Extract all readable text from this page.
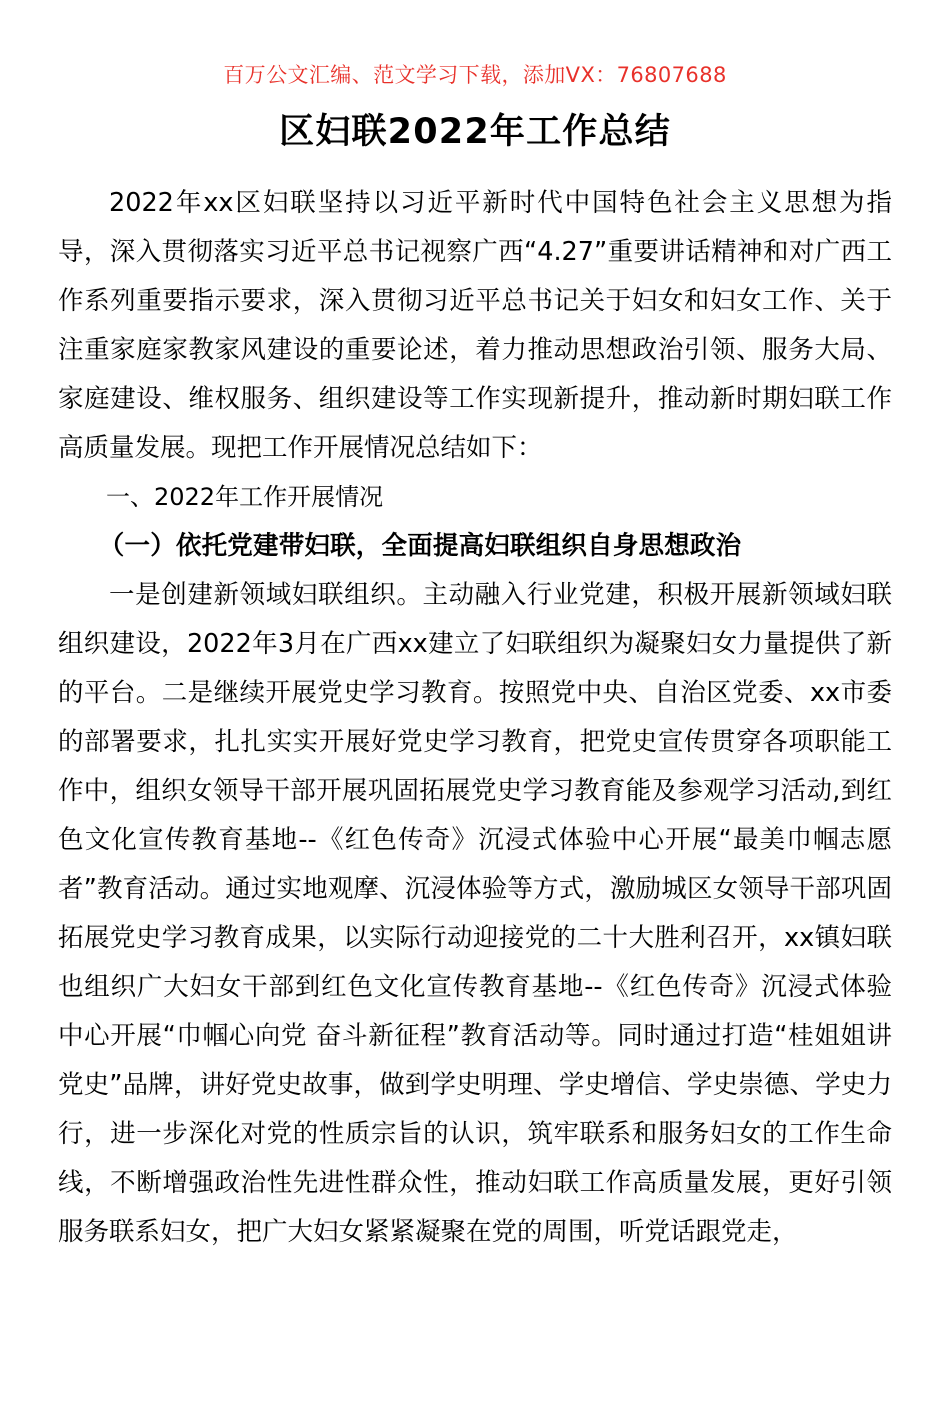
百万公文汇编、范文学习下载，添加VX：76807688
区妇联2022年工作总结

2022年xx区妇联坚持以习近平新时代中国特色社会主义思想为指导，深入贯彻落实习近平总书记视察广西“4.27”重要讲话精神和对广西工作系列重要指示要求，深入贯彻习近平总书记关于妇女和妇女工作、关于注重家庭家教家风建设的重要论述，着力推动思想政治引领、服务大局、家庭建设、维权服务、组织建设等工作实现新提升，推动新时期妇联工作高质量发展。现把工作开展情况总结如下：

一、2022年工作开展情况

（一）依托党建带妇联，全面提高妇联组织自身思想政治

一是创建新领域妇联组织。主动融入行业党建，积极开展新领域妇联组织建设，2022年3月在广西xx建立了妇联组织为凝聚妇女力量提供了新的平台。二是继续开展党史学习教育。按照党中央、自治区党委、xx市委的部署要求，扎扎实实开展好党史学习教育，把党史宣传贯穿各项职能工作中，组织女领导干部开展巩固拓展党史学习教育能及参观学习活动,到红色文化宣传教育基地--《红色传奇》沉浸式体验中心开展“最美巾帼志愿者”教育活动。通过实地观摩、沉浸体验等方式，激励城区女领导干部巩固拓展党史学习教育成果，以实际行动迎接党的二十大胜利召开，xx镇妇联也组织广大妇女干部到红色文化宣传教育基地--《红色传奇》沉浸式体验中心开展“巾帼心向党 奋斗新征程”教育活动等。同时通过打造“桂姐姐讲党史”品牌，讲好党史故事，做到学史明理、学史增信、学史崇德、学史力行，进一步深化对党的性质宗旨的认识，筑牢联系和服务妇女的工作生命线，不断增强政治性先进性群众性，推动妇联工作高质量发展，更好引领服务联系妇女，把广大妇女紧紧凝聚在党的周围，听党话跟党走，
